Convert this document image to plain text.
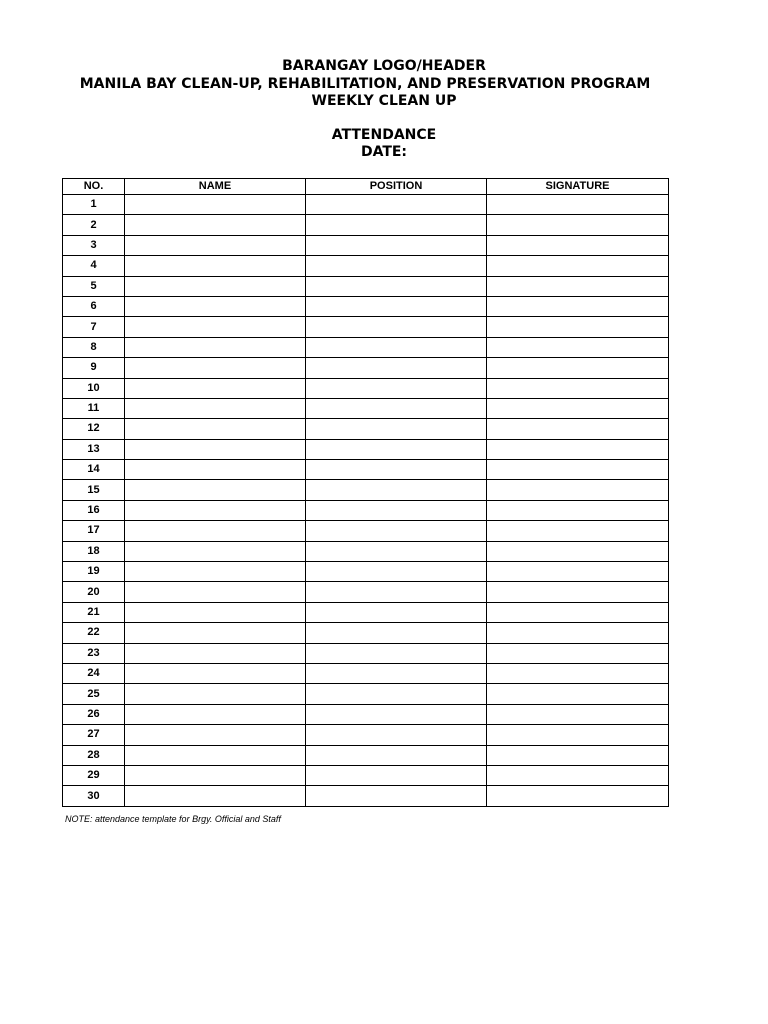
BARANGAY LOGO/HEADER
MANILA BAY CLEAN-UP, REHABILITATION, AND PRESERVATION PROGRAM
WEEKLY CLEAN UP
ATTENDANCE
DATE:
NO.	NAME	POSITION	SIGNATURE
1			
2			
3			
4			
5			
6			
7			
8			
9			
10			
11			
12			
13			
14			
15			
16			
17			
18			
19			
20			
21			
22			
23			
24			
25			
26			
27			
28			
29			
30			
NOTE: attendance template for Brgy. Official and Staff
